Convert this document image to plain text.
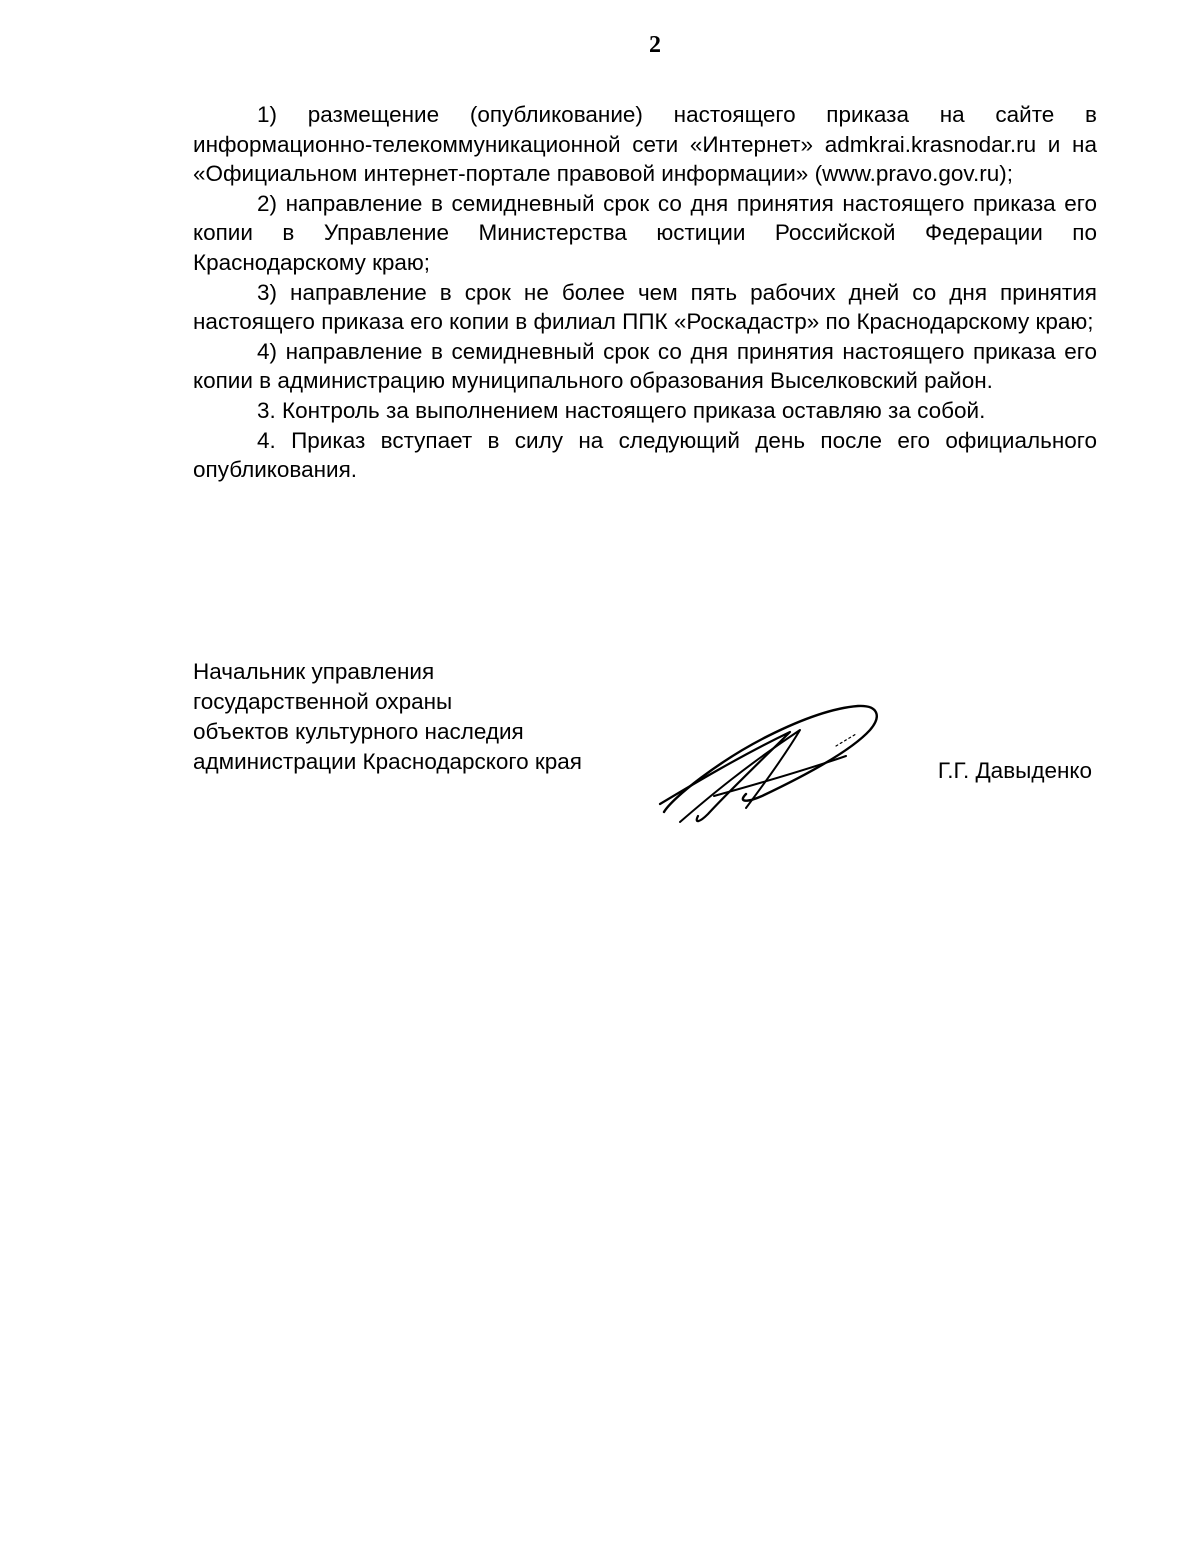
2

1) размещение (опубликование) настоящего приказа на сайте в информационно-телекоммуникационной сети «Интернет» admkrai.krasnodar.ru и на «Официальном интернет-портале правовой информации» (www.pravo.gov.ru);

2) направление в семидневный срок со дня принятия настоящего приказа его копии в Управление Министерства юстиции Российской Федерации по Краснодарскому краю;

3) направление в срок не более чем пять рабочих дней со дня принятия настоящего приказа его копии в филиал ППК «Роскадастр» по Краснодарскому краю;

4) направление в семидневный срок со дня принятия настоящего приказа его копии в администрацию муниципального образования Выселковский район.

3. Контроль за выполнением настоящего приказа оставляю за собой.

4. Приказ вступает в силу на следующий день после его официального опубликования.

Начальник управления
государственной охраны
объектов культурного наследия
администрации Краснодарского края	Г.Г. Давыденко
